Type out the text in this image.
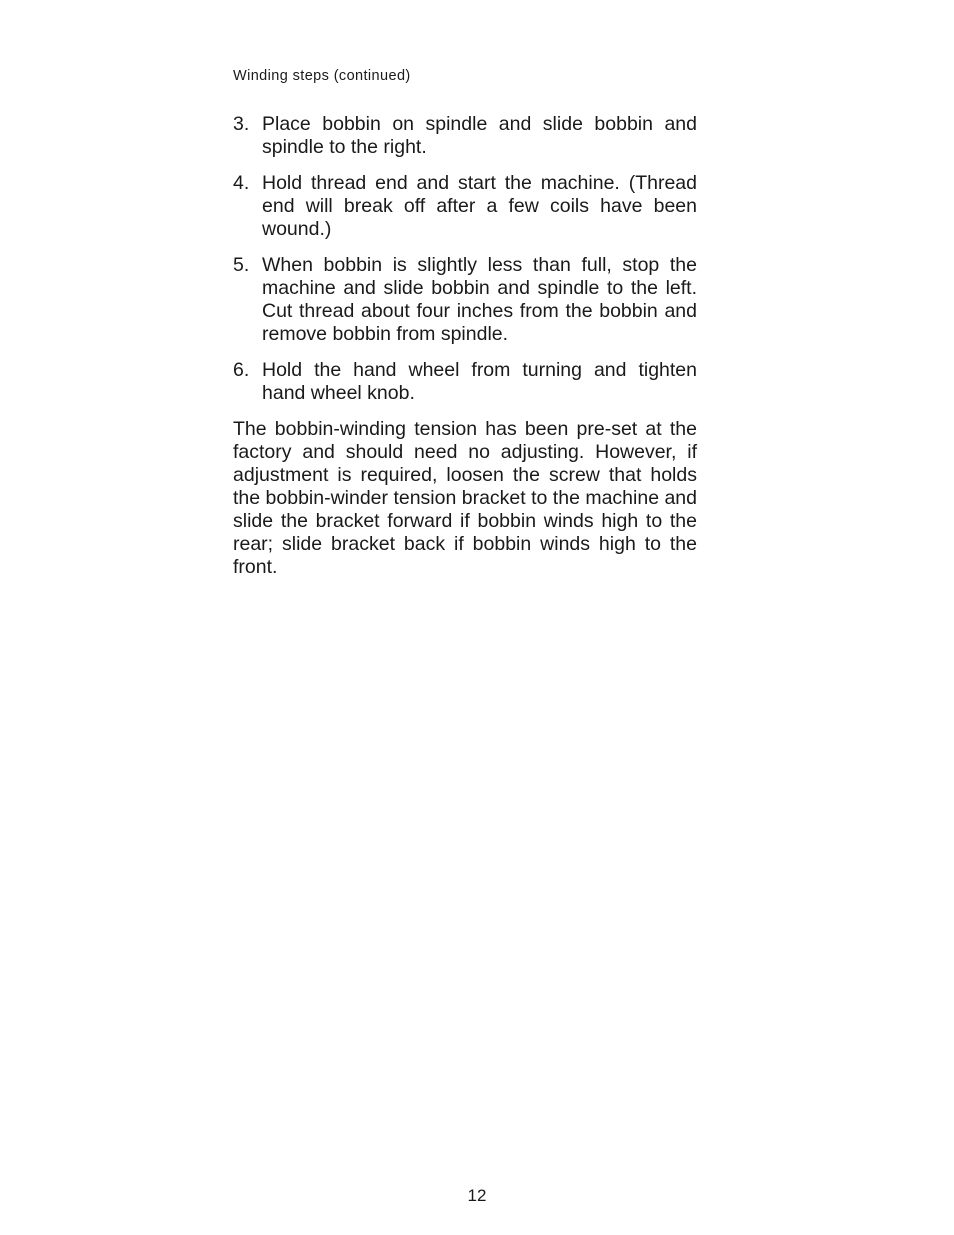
Winding steps (continued)
3. Place bobbin on spindle and slide bobbin and spindle to the right.
4. Hold thread end and start the machine. (Thread end will break off after a few coils have been wound.)
5. When bobbin is slightly less than full, stop the machine and slide bobbin and spindle to the left. Cut thread about four inches from the bobbin and remove bobbin from spindle.
6. Hold the hand wheel from turning and tighten hand wheel knob.

The bobbin-winding tension has been pre-set at the factory and should need no adjusting. However, if adjustment is required, loosen the screw that holds the bobbin-winder tension bracket to the machine and slide the bracket forward if bobbin winds high to the rear; slide bracket back if bobbin winds high to the front.

12
